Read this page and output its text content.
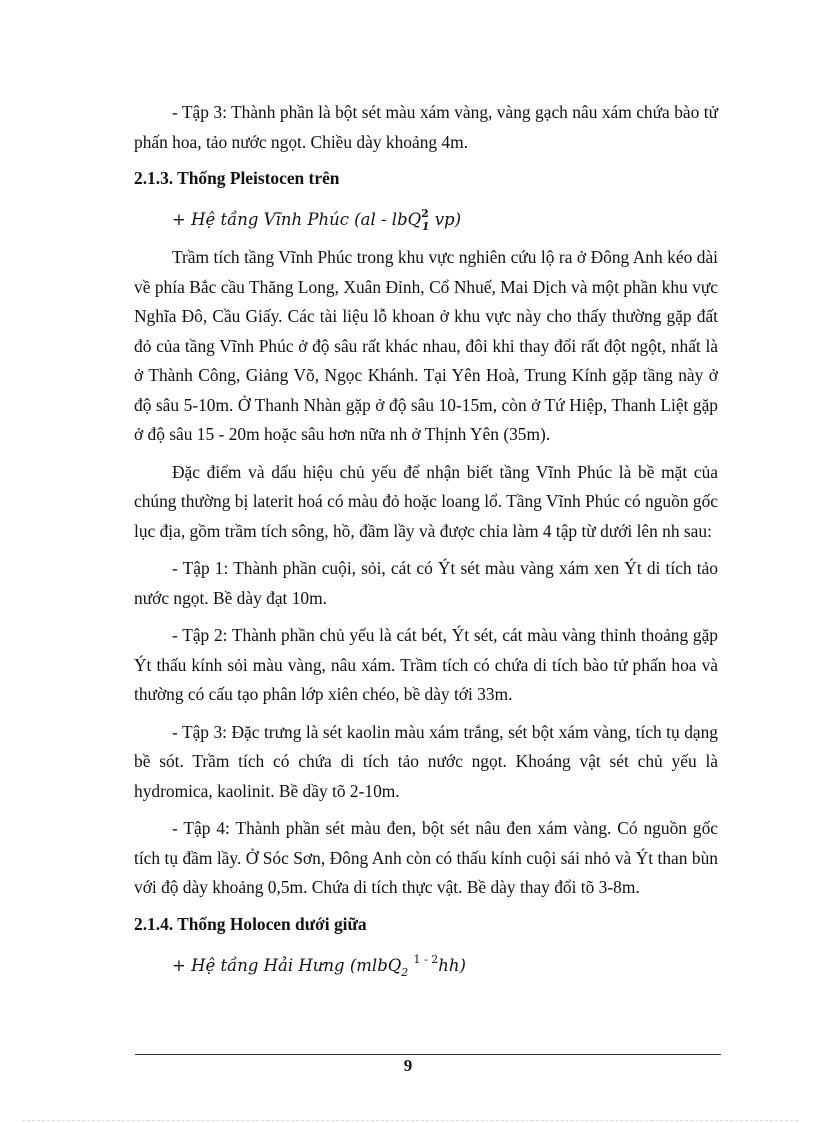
- Tập 3: Thành phần là bột sét màu xám vàng, vàng gạch nâu xám chứa bào tử phấn hoa, tảo nước ngọt. Chiều dày khoảng 4m.

2.1.3. Thống Pleistocen trên
+ Hệ tầng Vĩnh Phúc (al - lbQ$^2_1$ vp)

Trầm tích tầng Vĩnh Phúc trong khu vực nghiên cứu lộ ra ở Đông Anh kéo dài về phía Bắc cầu Thăng Long, Xuân Đỉnh, Cổ Nhuế, Mai Dịch và một phần khu vực Nghĩa Đô, Cầu Giấy. Các tài liệu lỗ khoan ở khu vực này cho thấy thường gặp đất đỏ của tầng Vĩnh Phúc ở độ sâu rất khác nhau, đôi khi thay đổi rất đột ngột, nhất là ở Thành Công, Giảng Võ, Ngọc Khánh. Tại Yên Hoà, Trung Kính gặp tầng này ở độ sâu 5-10m. Ở Thanh Nhàn gặp ở độ sâu 10-15m, còn ở Tứ Hiệp, Thanh Liệt gặp ở độ sâu 15 - 20m hoặc sâu hơn nữa nh ở Thịnh Yên (35m).

Đặc điểm và dấu hiệu chủ yếu để nhận biết tầng Vĩnh Phúc là bề mặt của chúng thường bị laterit hoá có màu đỏ hoặc loang lổ. Tầng Vĩnh Phúc có nguồn gốc lục địa, gồm trầm tích sông, hồ, đầm lầy và được chia làm 4 tập từ dưới lên nh sau:

- Tập 1: Thành phần cuội, sỏi, cát có Ýt sét màu vàng xám xen Ýt di tích tảo nước ngọt. Bề dày đạt 10m.

- Tập 2: Thành phần chủ yếu là cát bét, Ýt sét, cát màu vàng thỉnh thoảng gặp Ýt thấu kính sỏi màu vàng, nâu xám. Trầm tích có chứa di tích bào tử phấn hoa và thường có cấu tạo phân lớp xiên chéo, bề dày tới 33m.

- Tập 3: Đặc trưng là sét kaolin màu xám trắng, sét bột xám vàng, tích tụ dạng bề sót. Trầm tích có chứa di tích tảo nước ngọt. Khoáng vật sét chủ yếu là hydromica, kaolinit. Bề dầy tõ 2-10m.

- Tập 4: Thành phần sét màu đen, bột sét nâu đen xám vàng. Có nguồn gốc tích tụ đầm lầy. Ở Sóc Sơn, Đông Anh còn có thấu kính cuội sái nhỏ và Ýt than bùn với độ dày khoảng 0,5m. Chứa di tích thực vật. Bề dày thay đổi tõ 3-8m.

2.1.4. Thống Holocen dưới giữa
+ Hệ tầng Hải Hưng (mlbQ$_2$ $^{1 - 2}$hh)
9
